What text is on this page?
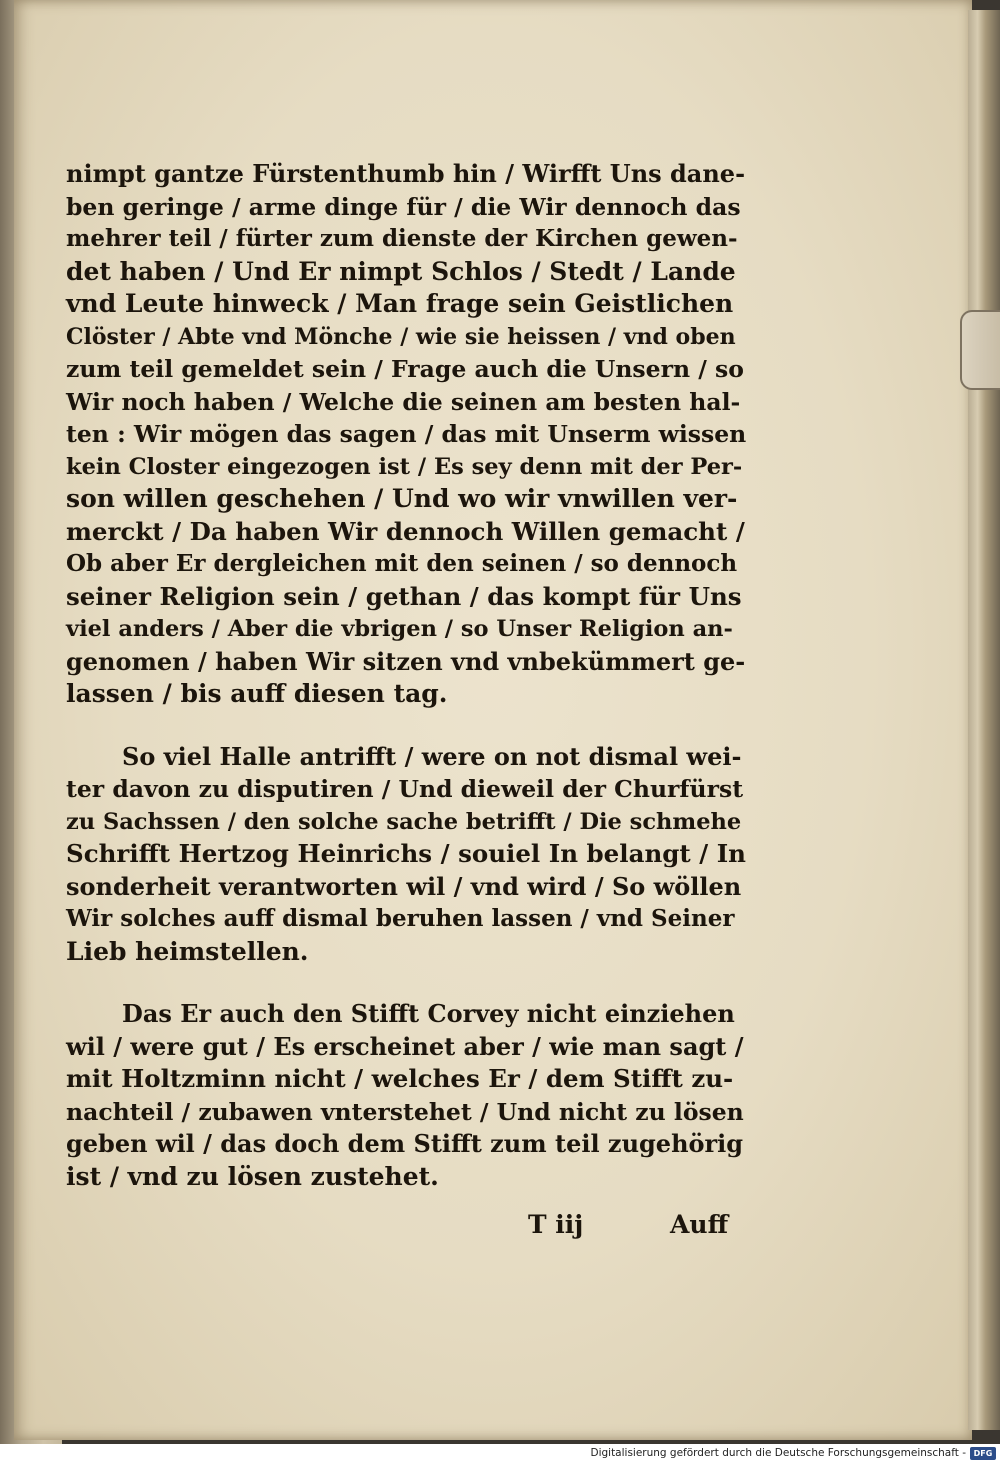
nimpt gantze Fürstenthumb hin / Wirfft Uns dane-
ben geringe / arme dinge für / die Wir dennoch das
mehrer teil / fürter zum dienste der Kirchen gewen-
det haben / Und Er nimpt Schlos / Stedt / Lande
vnd Leute hinweck / Man frage sein Geistlichen
Clöster / Abte vnd Mönche / wie sie heissen / vnd oben
zum teil gemeldet sein / Frage auch die Unsern / so
Wir noch haben / Welche die seinen am besten hal-
ten : Wir mögen das sagen / das mit Unserm wissen
kein Closter eingezogen ist / Es sey denn mit der Per-
son willen geschehen / Und wo wir vnwillen ver-
merckt / Da haben Wir dennoch Willen gemacht /
Ob aber Er dergleichen mit den seinen / so dennoch
seiner Religion sein / gethan / das kompt für Uns
viel anders / Aber die vbrigen / so Unser Religion an-
genomen / haben Wir sitzen vnd vnbekümmert ge-
lassen / bis auff diesen tag.
So viel Halle antrifft / were on not dismal wei-
ter davon zu disputiren / Und dieweil der Churfürst
zu Sachssen / den solche sache betrifft / Die schmehe
Schrifft Hertzog Heinrichs / souiel In belangt / In
sonderheit verantworten wil / vnd wird / So wöllen
Wir solches auff dismal beruhen lassen / vnd Seiner
Lieb heimstellen.
Das Er auch den Stifft Corvey nicht einziehen
wil / were gut / Es erscheinet aber / wie man sagt /
mit Holtzminn nicht / welches Er / dem Stifft zu-
nachteil / zubawen vnterstehet / Und nicht zu lösen
geben wil / das doch dem Stifft zum teil zugehörig
ist / vnd zu lösen zustehet.
T iij	Auff
Digitalisierung gefördert durch die Deutsche Forschungsgemeinschaft - DFG
